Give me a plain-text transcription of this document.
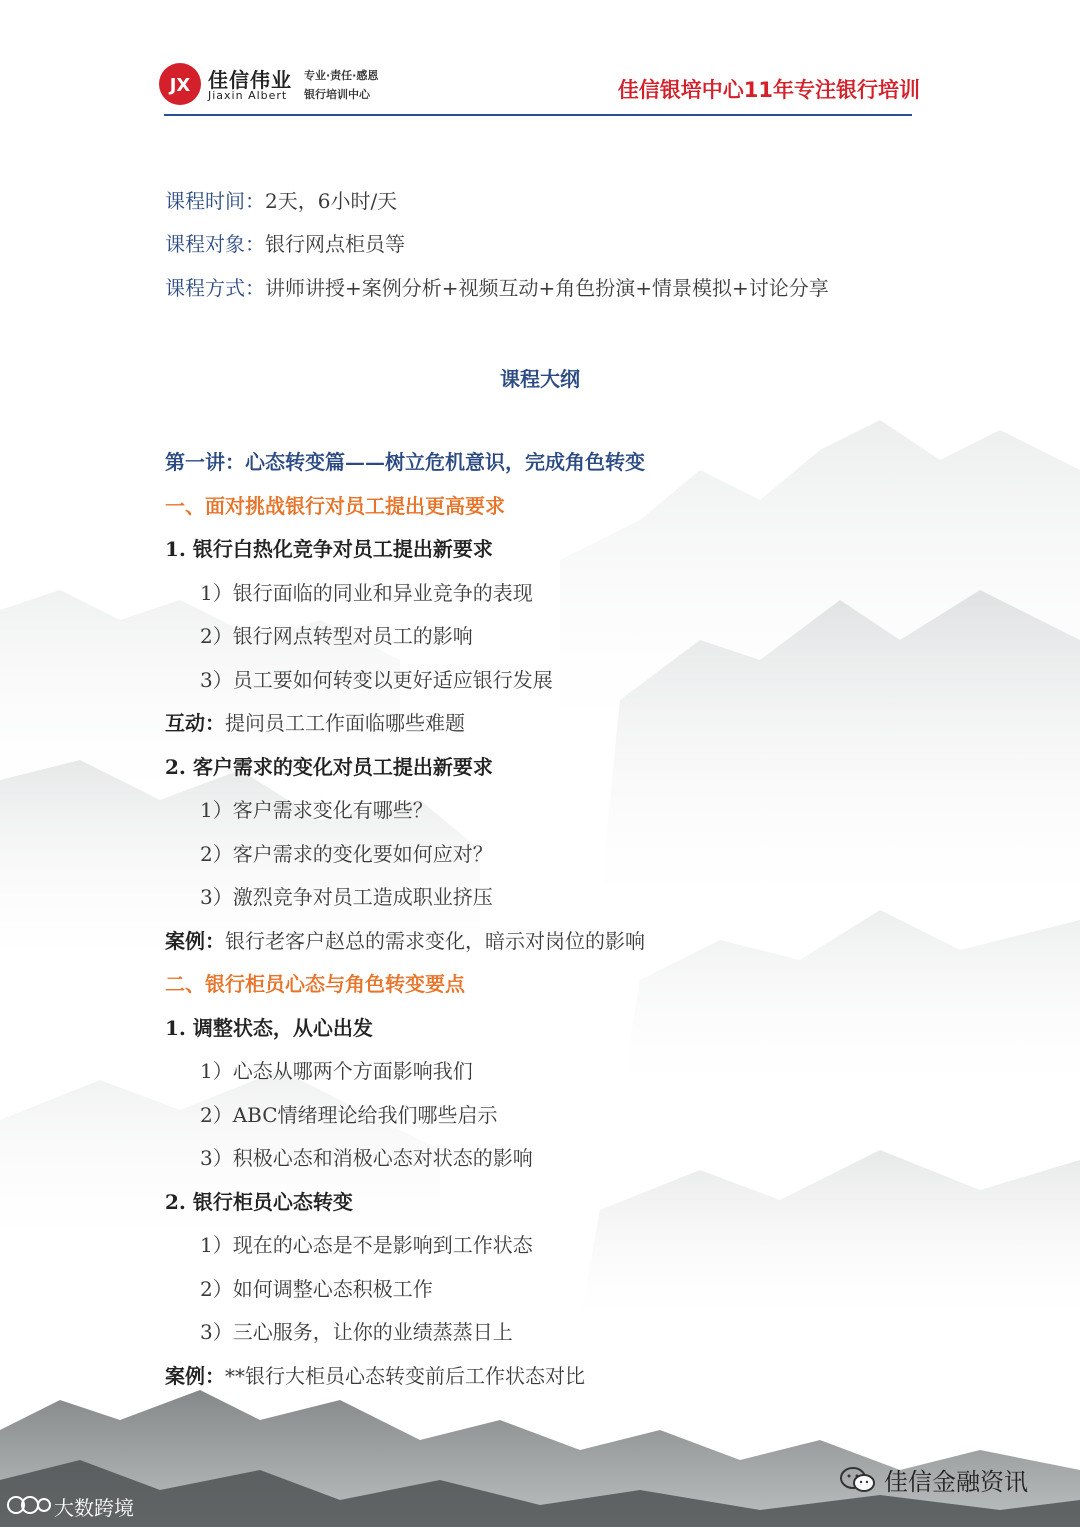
JX 佳信伟业
Jiaxin Albert
专业·责任·感恩
银行培训中心	佳信银培中心11年专注银行培训
课程时间：2天，6小时/天
课程对象：银行网点柜员等
课程方式：讲师讲授+案例分析+视频互动+角色扮演+情景模拟+讨论分享
课程大纲
第一讲：心态转变篇——树立危机意识，完成角色转变
一、面对挑战银行对员工提出更高要求
1. 银行白热化竞争对员工提出新要求
1）银行面临的同业和异业竞争的表现
2）银行网点转型对员工的影响
3）员工要如何转变以更好适应银行发展
互动：提问员工工作面临哪些难题
2. 客户需求的变化对员工提出新要求
1）客户需求变化有哪些？
2）客户需求的变化要如何应对？
3）激烈竞争对员工造成职业挤压
案例：银行老客户赵总的需求变化，暗示对岗位的影响
二、银行柜员心态与角色转变要点
1. 调整状态，从心出发
1）心态从哪两个方面影响我们
2）ABC情绪理论给我们哪些启示
3）积极心态和消极心态对状态的影响
2. 银行柜员心态转变
1）现在的心态是不是影响到工作状态
2）如何调整心态积极工作
3）三心服务，让你的业绩蒸蒸日上
案例：**银行大柜员心态转变前后工作状态对比
佳信金融资讯
大数跨境
